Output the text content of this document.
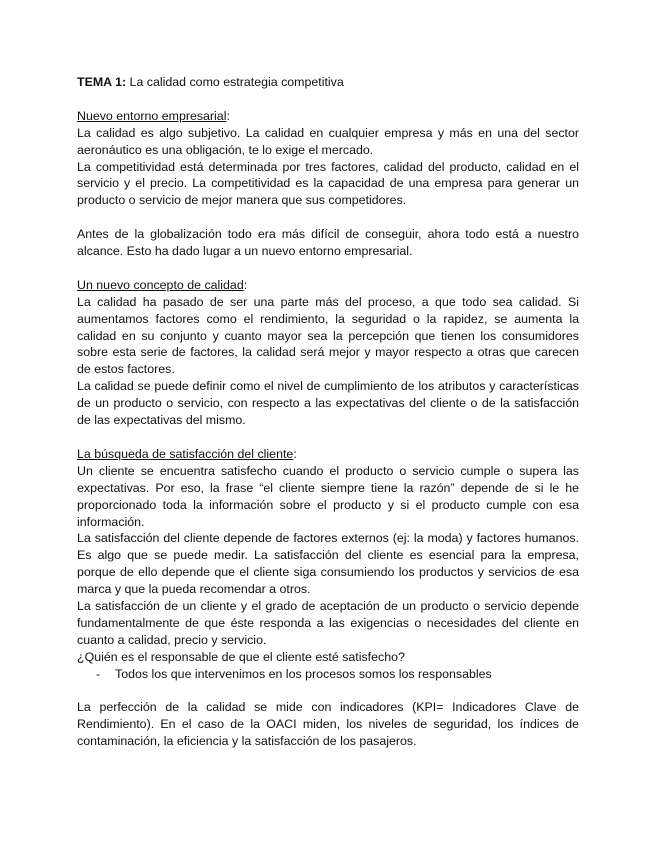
TEMA 1: La calidad como estrategia competitiva

Nuevo entorno empresarial:

La calidad es algo subjetivo. La calidad en cualquier empresa y más en una del sector aeronáutico es una obligación, te lo exige el mercado.

La competitividad está determinada por tres factores, calidad del producto, calidad en el servicio y el precio. La competitividad es la capacidad de una empresa para generar un producto o servicio de mejor manera que sus competidores.

Antes de la globalización todo era más difícil de conseguir, ahora todo está a nuestro alcance. Esto ha dado lugar a un nuevo entorno empresarial.

Un nuevo concepto de calidad:

La calidad ha pasado de ser una parte más del proceso, a que todo sea calidad. Si aumentamos factores como el rendimiento, la seguridad o la rapidez, se aumenta la calidad en su conjunto y cuanto mayor sea la percepción que tienen los consumidores sobre esta serie de factores, la calidad será mejor y mayor respecto a otras que carecen de estos factores.

La calidad se puede definir como el nivel de cumplimiento de los atributos y características de un producto o servicio, con respecto a las expectativas del cliente o de la satisfacción de las expectativas del mismo.

La búsqueda de satisfacción del cliente:

Un cliente se encuentra satisfecho cuando el producto o servicio cumple o supera las expectativas. Por eso, la frase “el cliente siempre tiene la razón” depende de si le he proporcionado toda la información sobre el producto y si el producto cumple con esa información.

La satisfacción del cliente depende de factores externos (ej: la moda) y factores humanos. Es algo que se puede medir. La satisfacción del cliente es esencial para la empresa, porque de ello depende que el cliente siga consumiendo los productos y servicios de esa marca y que la pueda recomendar a otros.

La satisfacción de un cliente y el grado de aceptación de un producto o servicio depende fundamentalmente de que éste responda a las exigencias o necesidades del cliente en cuanto a calidad, precio y servicio.

¿Quién es el responsable de que el cliente esté satisfecho?

- Todos los que intervenimos en los procesos somos los responsables

La perfección de la calidad se mide con indicadores (KPI= Indicadores Clave de Rendimiento). En el caso de la OACI miden, los niveles de seguridad, los índices de contaminación, la eficiencia y la satisfacción de los pasajeros.
